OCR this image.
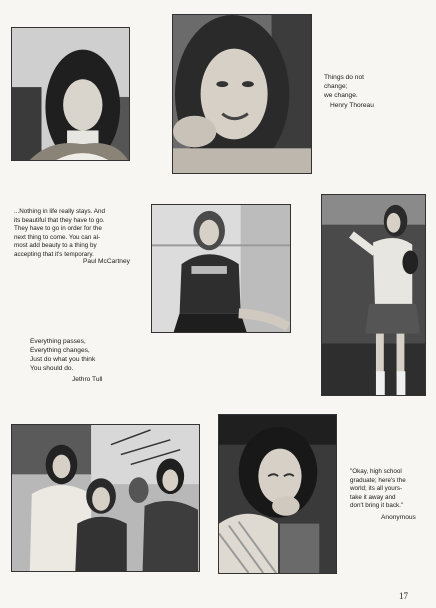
Things do not
change;
we change.
Henry Thoreau
...Nothing in life really stays. And
its beautiful that they have to go.
They have to go in order for the
next thing to come. You can al-
most add beauty to a thing by
accepting that it's temporary.
Paul McCartney
Everything passes,
Everything changes,
Just do what you think
You should do.
Jethro Tull
"Okay, high school
graduate; here's the
world; its all yours-
take it away and
don't bring it back."
Anonymous
17
